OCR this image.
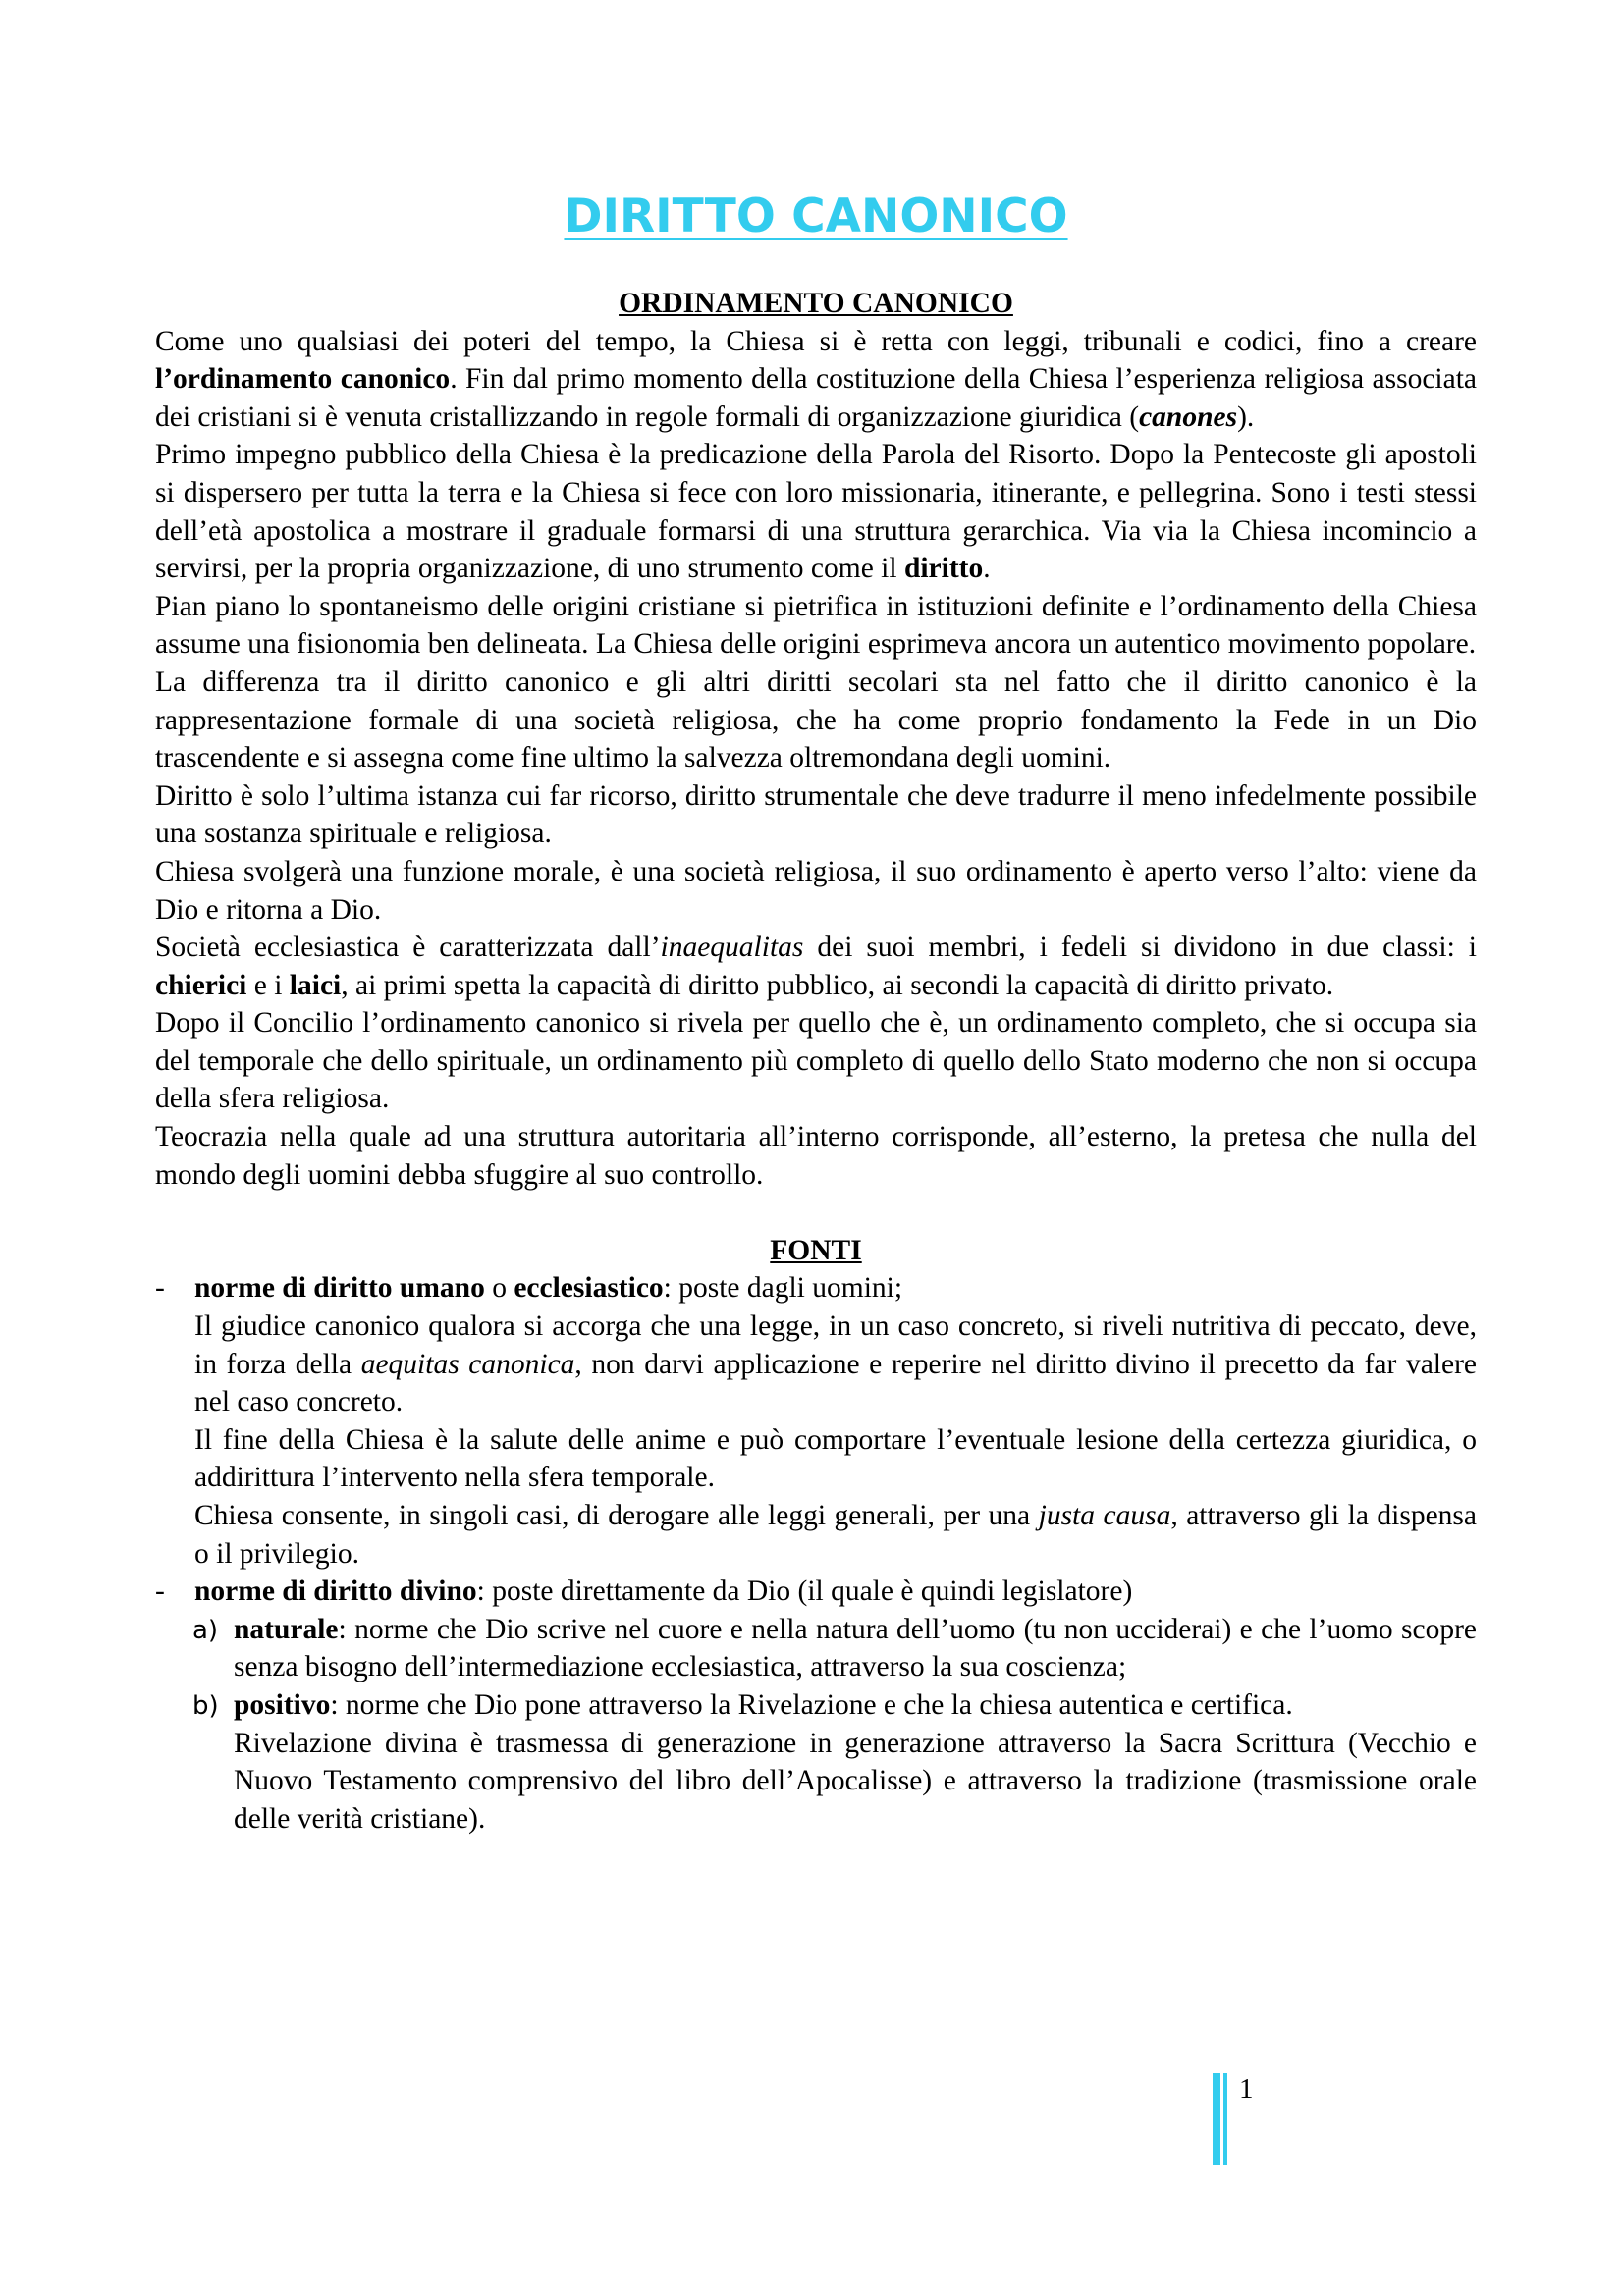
DIRITTO CANONICO
ORDINAMENTO CANONICO

Come uno qualsiasi dei poteri del tempo, la Chiesa si è retta con leggi, tribunali e codici, fino a creare l’ordinamento canonico. Fin dal primo momento della costituzione della Chiesa l’esperienza religiosa associata dei cristiani si è venuta cristallizzando in regole formali di organizzazione giuridica (canones).

Primo impegno pubblico della Chiesa è la predicazione della Parola del Risorto. Dopo la Pentecoste gli apostoli si dispersero per tutta la terra e la Chiesa si fece con loro missionaria, itinerante, e pellegrina. Sono i testi stessi dell’età apostolica a mostrare il graduale formarsi di una struttura gerarchica. Via via la Chiesa incomincio a servirsi, per la propria organizzazione, di uno strumento come il diritto.

Pian piano lo spontaneismo delle origini cristiane si pietrifica in istituzioni definite e l’ordinamento della Chiesa assume una fisionomia ben delineata. La Chiesa delle origini esprimeva ancora un autentico movimento popolare.

La differenza tra il diritto canonico e gli altri diritti secolari sta nel fatto che il diritto canonico è la rappresentazione formale di una società religiosa, che ha come proprio fondamento la Fede in un Dio trascendente e si assegna come fine ultimo la salvezza oltremondana degli uomini.

Diritto è solo l’ultima istanza cui far ricorso, diritto strumentale che deve tradurre il meno infedelmente possibile una sostanza spirituale e religiosa.

Chiesa svolgerà una funzione morale, è una società religiosa, il suo ordinamento è aperto verso l’alto: viene da Dio e ritorna a Dio.

Società ecclesiastica è caratterizzata dall’inaequalitas dei suoi membri, i fedeli si dividono in due classi: i chierici e i laici, ai primi spetta la capacità di diritto pubblico, ai secondi la capacità di diritto privato.

Dopo il Concilio l’ordinamento canonico si rivela per quello che è, un ordinamento completo, che si occupa sia del temporale che dello spirituale, un ordinamento più completo di quello dello Stato moderno che non si occupa della sfera religiosa.

Teocrazia nella quale ad una struttura autoritaria all’interno corrisponde, all’esterno, la pretesa che nulla del mondo degli uomini debba sfuggire al suo controllo.

FONTI
- norme di diritto umano o ecclesiastico: poste dagli uomini;

Il giudice canonico qualora si accorga che una legge, in un caso concreto, si riveli nutritiva di peccato, deve, in forza della aequitas canonica, non darvi applicazione e reperire nel diritto divino il precetto da far valere nel caso concreto.

Il fine della Chiesa è la salute delle anime e può comportare l’eventuale lesione della certezza giuridica, o addirittura l’intervento nella sfera temporale.

Chiesa consente, in singoli casi, di derogare alle leggi generali, per una justa causa, attraverso gli la dispensa o il privilegio.

- norme di diritto divino: poste direttamente da Dio (il quale è quindi legislatore)

a) naturale: norme che Dio scrive nel cuore e nella natura dell’uomo (tu non ucciderai) e che l’uomo scopre senza bisogno dell’intermediazione ecclesiastica, attraverso la sua coscienza;

b) positivo: norme che Dio pone attraverso la Rivelazione e che la chiesa autentica e certifica.

Rivelazione divina è trasmessa di generazione in generazione attraverso la Sacra Scrittura (Vecchio e Nuovo Testamento comprensivo del libro dell’Apocalisse) e attraverso la tradizione (trasmissione orale delle verità cristiane).

1
